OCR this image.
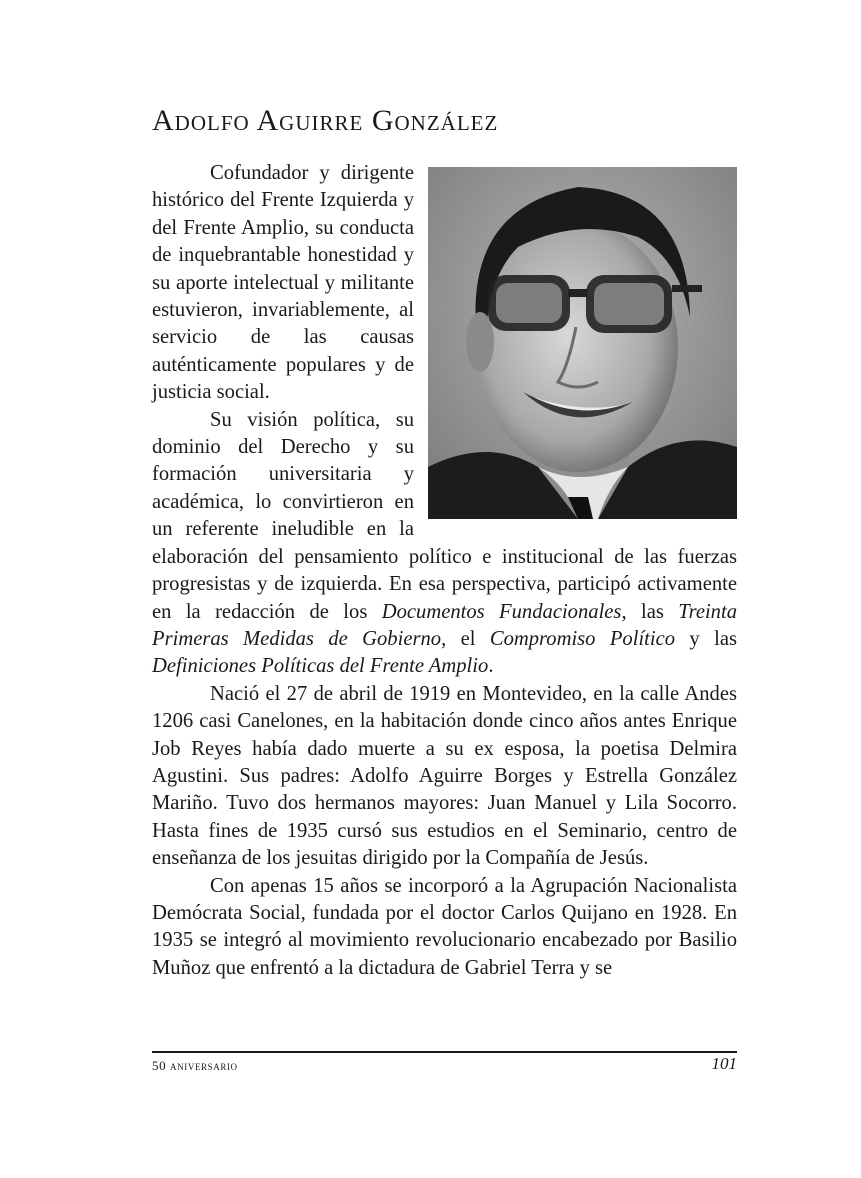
Adolfo Aguirre González

Cofundador y dirigente histórico del Frente Izquierda y del Frente Amplio, su conducta de inquebrantable honestidad y su aporte intelectual y militante estuvieron, invariablemente, al servicio de las causas auténticamente populares y de justicia social.

Su visión política, su dominio del Derecho y su formación universitaria y académica, lo convirtieron en un referente ineludible en la elaboración del pensamiento político e institucional de las fuerzas progresistas y de izquierda. En esa perspectiva, participó activamente en la redacción de los Documentos Fundacionales, las Treinta Primeras Medidas de Gobierno, el Compromiso Político y las Definiciones Políticas del Frente Amplio.

Nació el 27 de abril de 1919 en Montevideo, en la calle Andes 1206 casi Canelones, en la habitación donde cinco años antes Enrique Job Reyes había dado muerte a su ex esposa, la poetisa Delmira Agustini. Sus padres: Adolfo Aguirre Borges y Estrella González Mariño. Tuvo dos hermanos mayores: Juan Manuel y Lila Socorro. Hasta fines de 1935 cursó sus estudios en el Seminario, centro de enseñanza de los jesuitas dirigido por la Compañía de Jesús.

Con apenas 15 años se incorporó a la Agrupación Nacionalista Demócrata Social, fundada por el doctor Carlos Quijano en 1928. En 1935 se integró al movimiento revolucionario encabezado por Basilio Muñoz que enfrentó a la dictadura de Gabriel Terra y se

50 aniversario	101
